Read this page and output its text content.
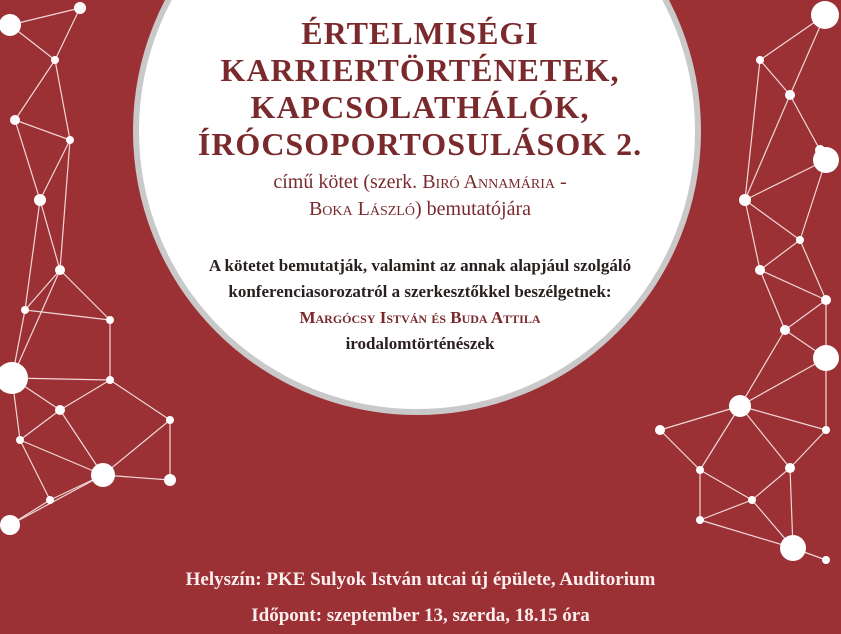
ÉRTELMISÉGI
KARRIERTÖRTÉNETEK,
KAPCSOLATHÁLÓK,
ÍRÓCSOPORTOSULÁSOK 2.
című kötet (szerk. Biró Annamária -
Boka László) bemutatójára
A kötetet bemutatják, valamint az annak alapjául szolgáló
konferenciasorozatról a szerkesztőkkel beszélgetnek:
Margócsy István és Buda Attila
irodalomtörténészek
Helyszín: PKE Sulyok István utcai új épülete, Auditorium
Időpont: szeptember 13, szerda, 18.15 óra
